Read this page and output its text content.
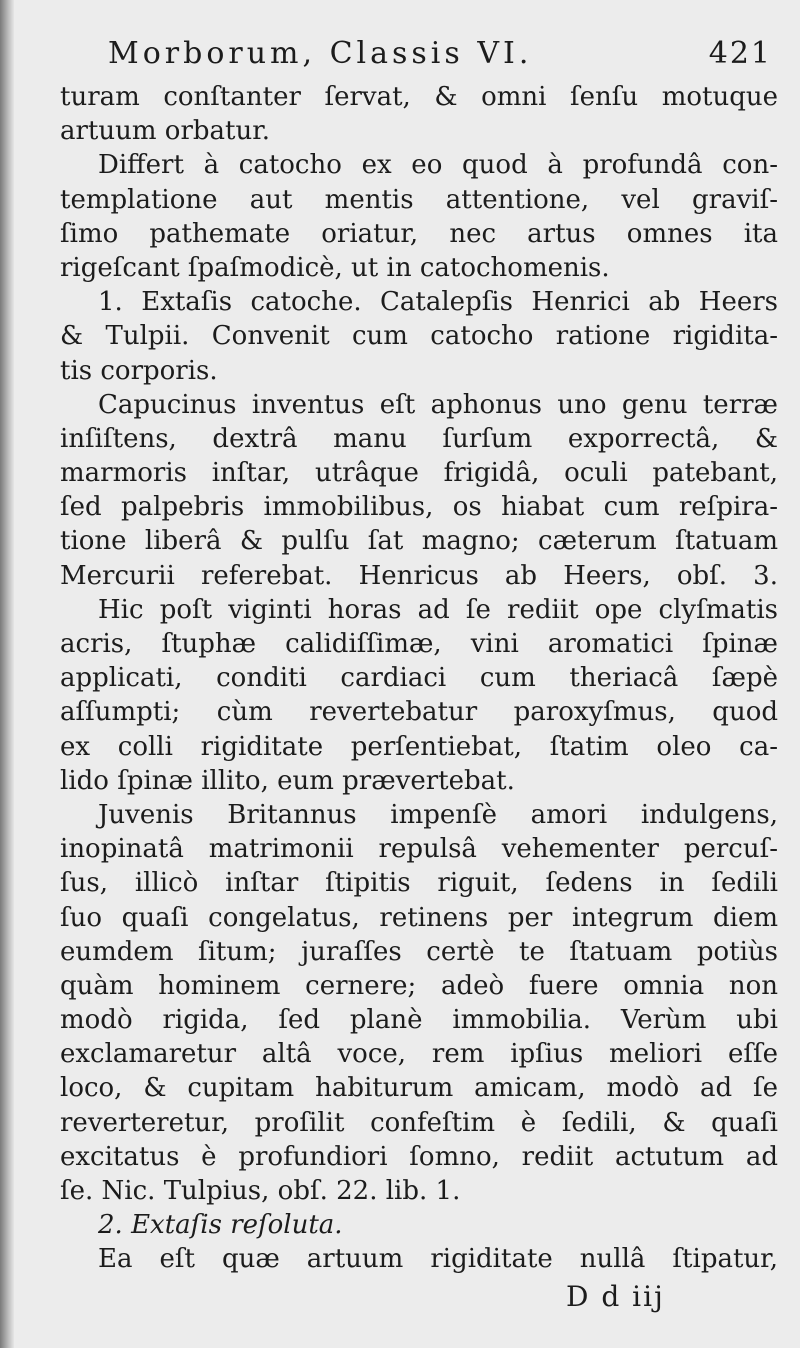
Morborum, Classis VI.	421
turam conſtanter ſervat, & omni ſenſu motuque
artuum orbatur.
Differt à catocho ex eo quod à profundâ con-
templatione aut mentis attentione, vel graviſ-
ſimo pathemate oriatur, nec artus omnes ita
rigeſcant ſpaſmodicè, ut in catochomenis.
1. Extaſis catoche. Catalepſis Henrici ab Heers
& Tulpii. Convenit cum catocho ratione rigidita-
tis corporis.
Capucinus inventus eſt aphonus uno genu terræ
inſiſtens, dextrâ manu ſurſum exporrectâ, &
marmoris inſtar, utrâque frigidâ, oculi patebant,
ſed palpebris immobilibus, os hiabat cum reſpira-
tione liberâ & pulſu ſat magno; cæterum ſtatuam
Mercurii referebat. Henricus ab Heers, obſ. 3.
Hic poſt viginti horas ad ſe rediit ope clyſmatis
acris, ſtuphæ calidiſſimæ, vini aromatici ſpinæ
applicati, conditi cardiaci cum theriacâ ſæpè
aſſumpti; cùm revertebatur paroxyſmus, quod
ex colli rigiditate perſentiebat, ſtatim oleo ca-
lido ſpinæ illito, eum prævertebat.
Juvenis Britannus impenſè amori indulgens,
inopinatâ matrimonii repulsâ vehementer percuſ-
ſus, illicò inſtar ſtipitis riguit, ſedens in ſedili
ſuo quaſi congelatus, retinens per integrum diem
eumdem ſitum; juraſſes certè te ſtatuam potiùs
quàm hominem cernere; adeò fuere omnia non
modò rigida, ſed planè immobilia. Verùm ubi
exclamaretur altâ voce, rem ipſius meliori eſſe
loco, & cupitam habiturum amicam, modò ad ſe
reverteretur, proſilit confeſtim è ſedili, & quaſi
excitatus è profundiori ſomno, rediit actutum ad
ſe. Nic. Tulpius, obſ. 22. lib. 1.
2. Extaſis reſoluta.
Ea eſt quæ artuum rigiditate nullâ ſtipatur,
D d iij
